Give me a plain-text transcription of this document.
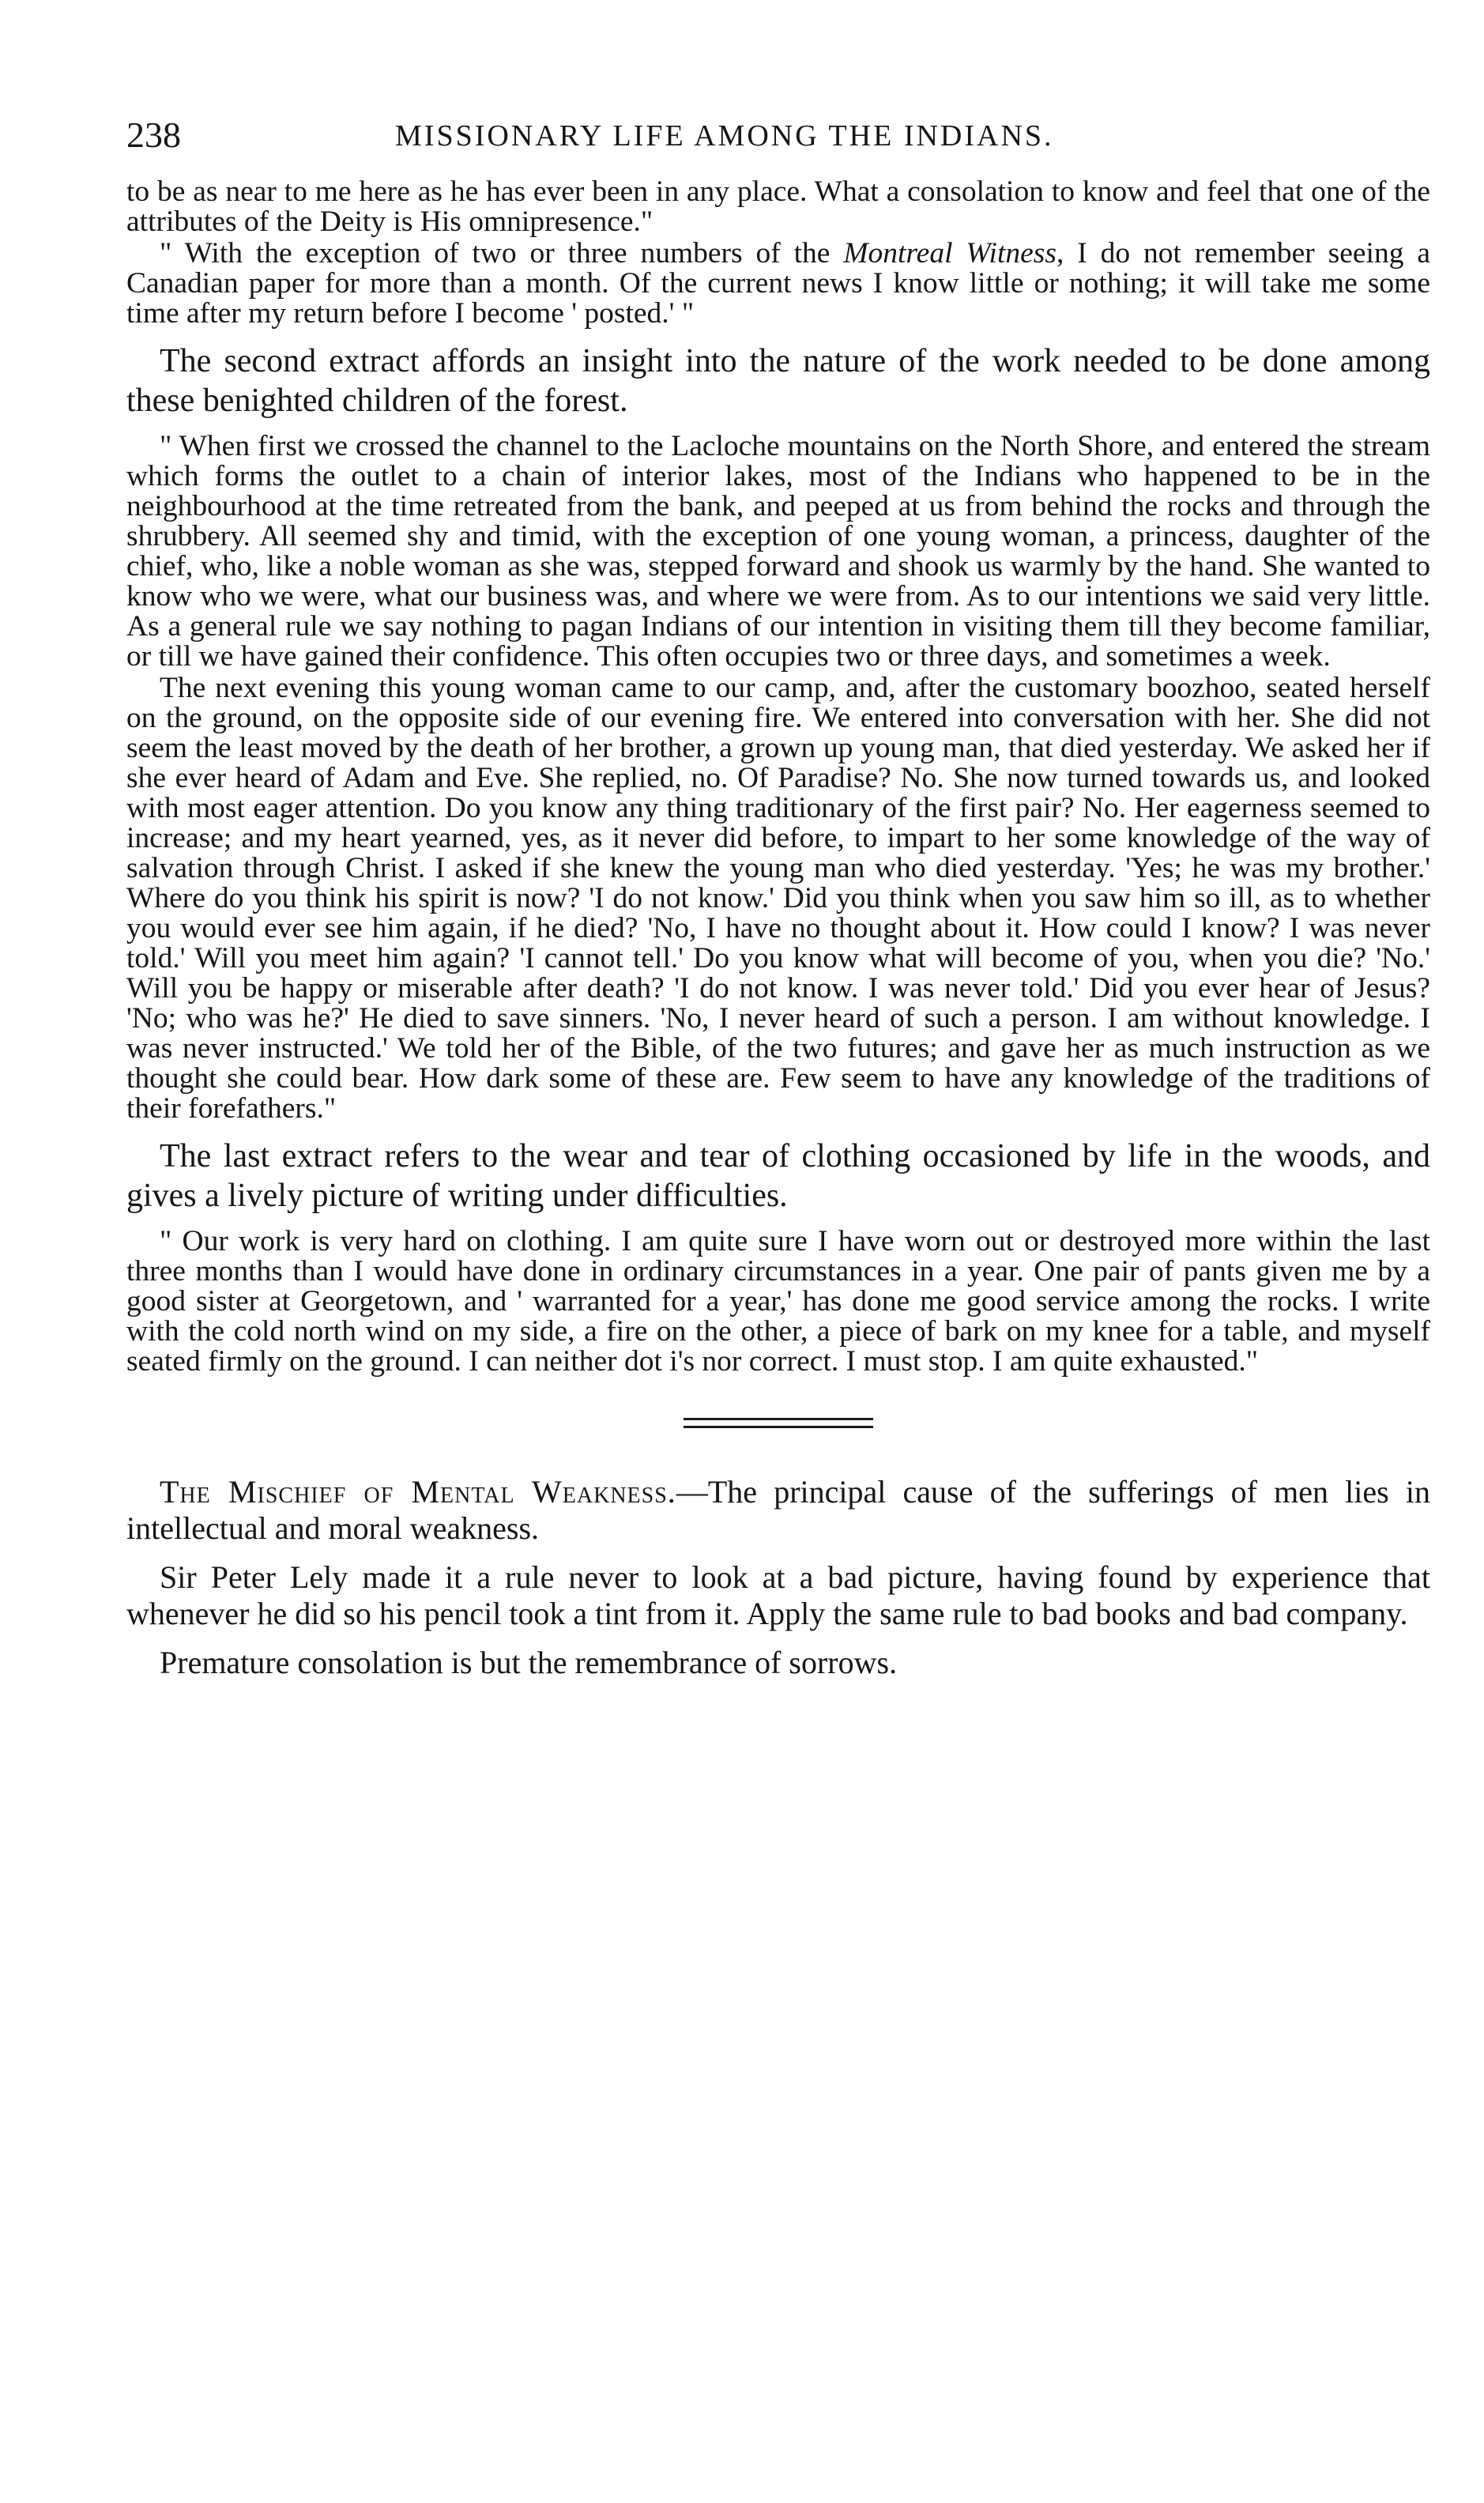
238	MISSIONARY LIFE AMONG THE INDIANS.

to be as near to me here as he has ever been in any place. What a consolation to know and feel that one of the attributes of the Deity is His omnipresence."

" With the exception of two or three numbers of the Montreal Witness, I do not remember seeing a Canadian paper for more than a month. Of the current news I know little or nothing; it will take me some time after my return before I become ' posted.' "

The second extract affords an insight into the nature of the work needed to be done among these benighted children of the forest.

" When first we crossed the channel to the Lacloche mountains on the North Shore, and entered the stream which forms the outlet to a chain of interior lakes, most of the Indians who happened to be in the neighbourhood at the time retreated from the bank, and peeped at us from behind the rocks and through the shrubbery. All seemed shy and timid, with the exception of one young woman, a princess, daughter of the chief, who, like a noble woman as she was, stepped forward and shook us warmly by the hand. She wanted to know who we were, what our business was, and where we were from. As to our intentions we said very little. As a general rule we say nothing to pagan Indians of our intention in visiting them till they become familiar, or till we have gained their confidence. This often occupies two or three days, and sometimes a week.

The next evening this young woman came to our camp, and, after the customary boozhoo, seated herself on the ground, on the opposite side of our evening fire. We entered into conversation with her. She did not seem the least moved by the death of her brother, a grown up young man, that died yesterday. We asked her if she ever heard of Adam and Eve. She replied, no. Of Paradise? No. She now turned towards us, and looked with most eager attention. Do you know any thing traditionary of the first pair? No. Her eagerness seemed to increase; and my heart yearned, yes, as it never did before, to impart to her some knowledge of the way of salvation through Christ. I asked if she knew the young man who died yesterday. 'Yes; he was my brother.' Where do you think his spirit is now? 'I do not know.' Did you think when you saw him so ill, as to whether you would ever see him again, if he died? 'No, I have no thought about it. How could I know? I was never told.' Will you meet him again? 'I cannot tell.' Do you know what will become of you, when you die? 'No.' Will you be happy or miserable after death? 'I do not know. I was never told.' Did you ever hear of Jesus? 'No; who was he?' He died to save sinners. 'No, I never heard of such a person. I am without knowledge. I was never instructed.' We told her of the Bible, of the two futures; and gave her as much instruction as we thought she could bear. How dark some of these are. Few seem to have any knowledge of the traditions of their forefathers."

The last extract refers to the wear and tear of clothing occasioned by life in the woods, and gives a lively picture of writing under difficulties.

" Our work is very hard on clothing. I am quite sure I have worn out or destroyed more within the last three months than I would have done in ordinary circumstances in a year. One pair of pants given me by a good sister at Georgetown, and ' warranted for a year,' has done me good service among the rocks. I write with the cold north wind on my side, a fire on the other, a piece of bark on my knee for a table, and myself seated firmly on the ground. I can neither dot i's nor correct. I must stop. I am quite exhausted."

The Mischief of Mental Weakness.—The principal cause of the sufferings of men lies in intellectual and moral weakness.

Sir Peter Lely made it a rule never to look at a bad picture, having found by experience that whenever he did so his pencil took a tint from it. Apply the same rule to bad books and bad company.

Premature consolation is but the remembrance of sorrows.
